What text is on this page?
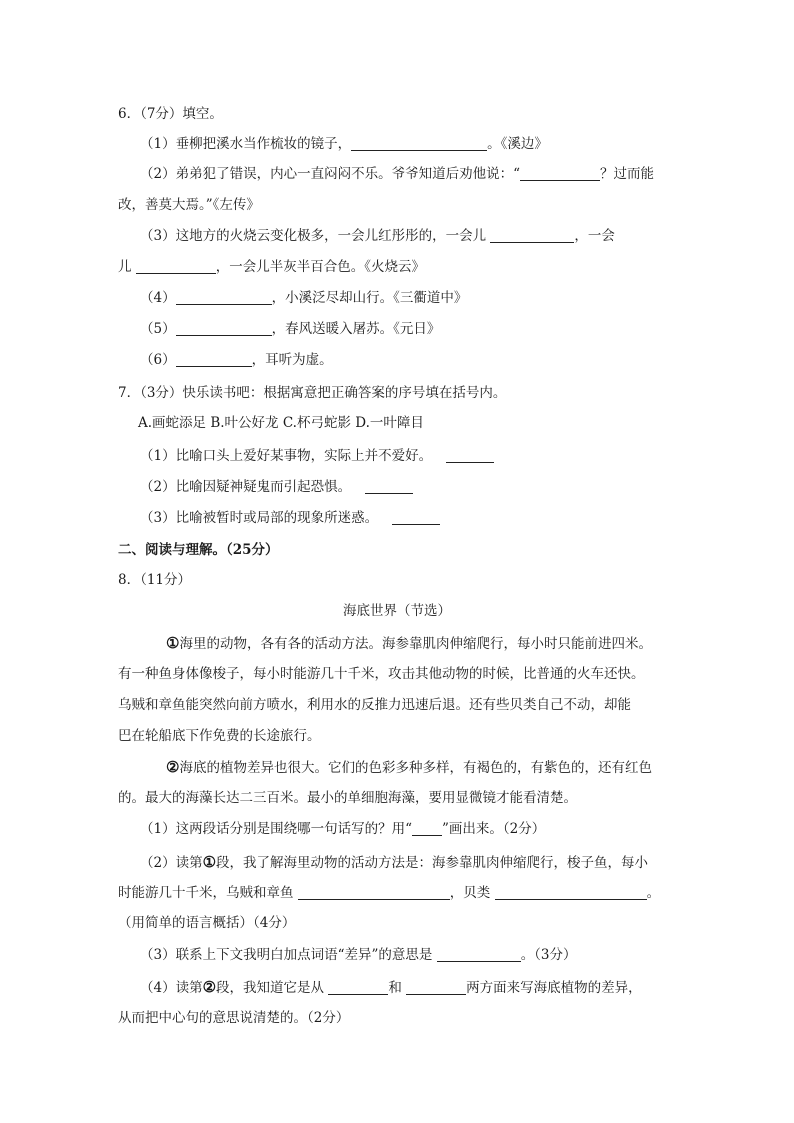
6．（7分）填空。
（1）垂柳把溪水当作梳妆的镜子，	。《溪边》
（2）弟弟犯了错误，内心一直闷闷不乐。爷爷知道后劝他说：“	？过而能
改，善莫大焉。”《左传》
（3）这地方的火烧云变化极多，一会儿红彤彤的，一会儿	，一会
儿	，一会儿半灰半百合色。《火烧云》
（4）	，小溪泛尽却山行。《三衢道中》
（5）	，春风送暖入屠苏。《元日》
（6）	，耳听为虚。
7．（3分）快乐读书吧：根据寓意把正确答案的序号填在括号内。
A.画蛇添足 B.叶公好龙 C.杯弓蛇影 D.一叶障目
（1）比喻口头上爱好某事物，实际上并不爱好。
（2）比喻因疑神疑鬼而引起恐惧。
（3）比喻被暂时或局部的现象所迷惑。
二、阅读与理解。（25分）
8．（11分）
海底世界（节选）
①海里的动物，各有各的活动方法。海参靠肌肉伸缩爬行，每小时只能前进四米。
有一种鱼身体像梭子，每小时能游几十千米，攻击其他动物的时候，比普通的火车还快。
乌贼和章鱼能突然向前方喷水，利用水的反推力迅速后退。还有些贝类自己不动，却能
巴在轮船底下作免费的长途旅行。
②海底的植物差异也很大。它们的色彩多种多样，有褐色的，有紫色的，还有红色
的。最大的海藻长达二三百米。最小的单细胞海藻，要用显微镜才能看清楚。
（1）这两段话分别是围绕哪一句话写的？用“ ”画出来。（2分）
（2）读第①段，我了解海里动物的活动方法是：海参靠肌肉伸缩爬行，梭子鱼，每小
时能游几十千米，乌贼和章鱼	，贝类	。
（用简单的语言概括）（4分）
（3）联系上下文我明白加点词语“差异”的意思是	。（3分）
（4）读第②段，我知道它是从	和	两方面来写海底植物的差异，
从而把中心句的意思说清楚的。（2分）
